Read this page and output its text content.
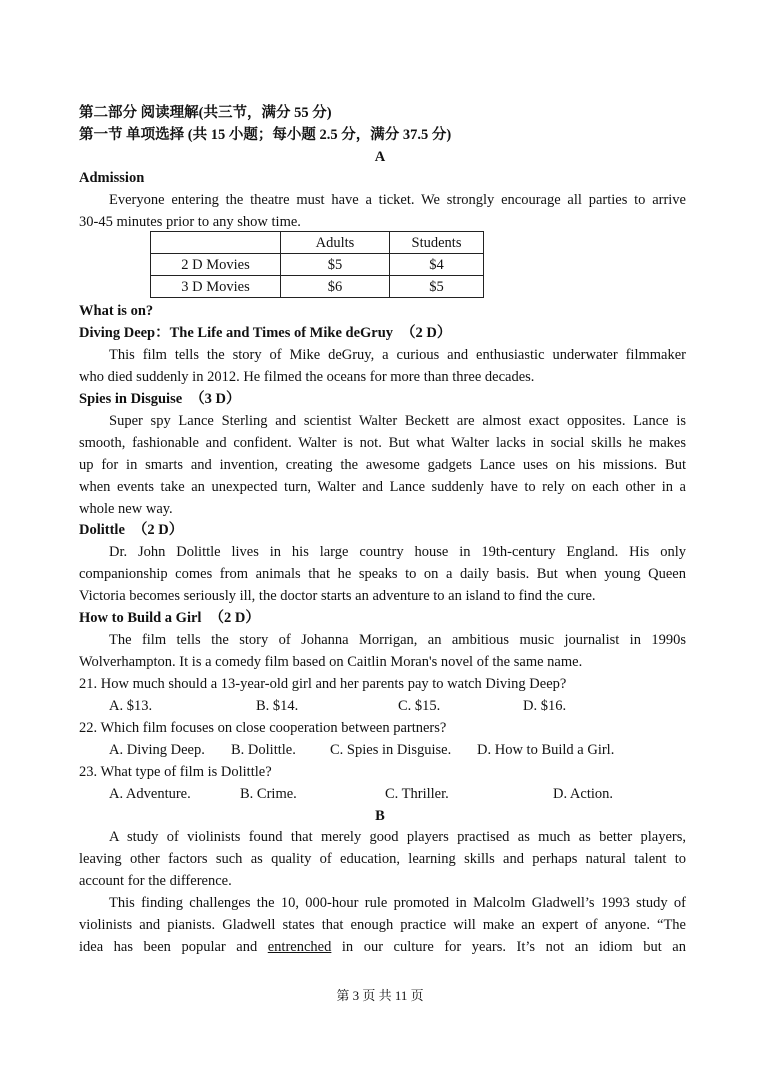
第二部分 阅读理解(共三节，满分 55 分)
第一节 单项选择 (共 15 小题；每小题 2.5 分，满分 37.5 分)
A
Admission
Everyone entering the theatre must have a ticket. We strongly encourage all parties to arrive
30-45 minutes prior to any show time.
	Adults	Students
2 D Movies	$5	$4
3 D Movies	$6	$5
What is on?
Diving Deep：The Life and Times of Mike deGruy （2 D）
This film tells the story of Mike deGruy, a curious and enthusiastic underwater filmmaker
who died suddenly in 2012. He filmed the oceans for more than three decades.
Spies in Disguise （3 D）
Super spy Lance Sterling and scientist Walter Beckett are almost exact opposites. Lance is
smooth, fashionable and confident. Walter is not. But what Walter lacks in social skills he makes
up for in smarts and invention, creating the awesome gadgets Lance uses on his missions. But
when events take an unexpected turn, Walter and Lance suddenly have to rely on each other in a
whole new way.
Dolittle （2 D）
Dr. John Dolittle lives in his large country house in 19th-century England. His only
companionship comes from animals that he speaks to on a daily basis. But when young Queen
Victoria becomes seriously ill, the doctor starts an adventure to an island to find the cure.
How to Build a Girl （2 D）
The film tells the story of Johanna Morrigan, an ambitious music journalist in 1990s
Wolverhampton. It is a comedy film based on Caitlin Moran's novel of the same name.
21. How much should a 13-year-old girl and her parents pay to watch Diving Deep?
A. $13.	B. $14.	C. $15.	D. $16.
22. Which film focuses on close cooperation between partners?
A. Diving Deep. B. Dolittle. C. Spies in Disguise. D. How to Build a Girl.
23. What type of film is Dolittle?
A. Adventure.	B. Crime.	C. Thriller.	D. Action.
B
A study of violinists found that merely good players practised as much as better players,
leaving other factors such as quality of education, learning skills and perhaps natural talent to
account for the difference.
This finding challenges the 10, 000-hour rule promoted in Malcolm Gladwell’s 1993 study of
violinists and pianists. Gladwell states that enough practice will make an expert of anyone. “The
idea has been popular and entrenched in our culture for years. It’s not an idiom but an
第 3 页 共 11 页
